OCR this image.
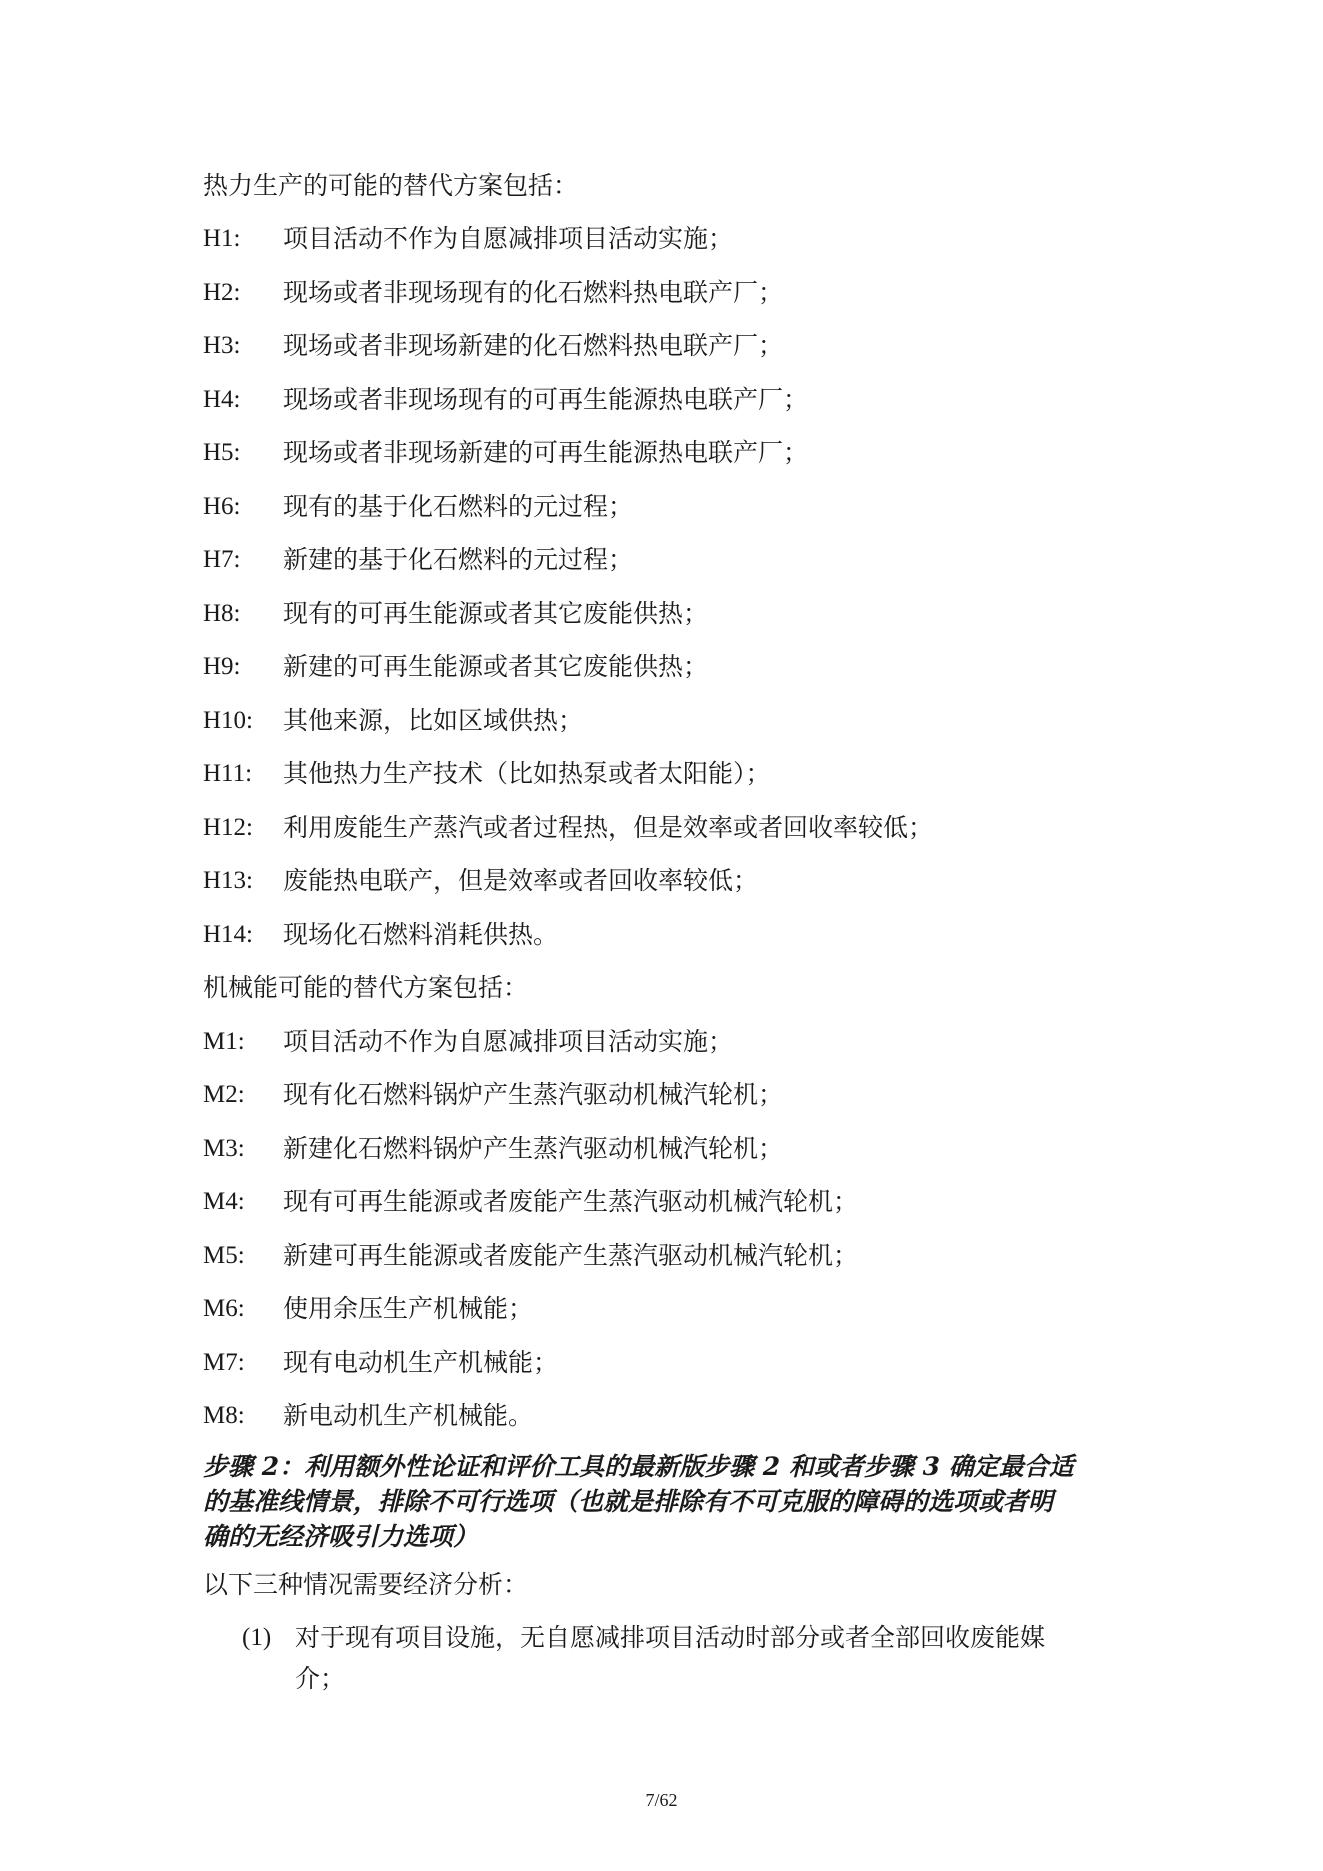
热力生产的可能的替代方案包括：
H1: 项目活动不作为自愿减排项目活动实施；
H2: 现场或者非现场现有的化石燃料热电联产厂；
H3: 现场或者非现场新建的化石燃料热电联产厂；
H4: 现场或者非现场现有的可再生能源热电联产厂；
H5: 现场或者非现场新建的可再生能源热电联产厂；
H6: 现有的基于化石燃料的元过程；
H7: 新建的基于化石燃料的元过程；
H8: 现有的可再生能源或者其它废能供热；
H9: 新建的可再生能源或者其它废能供热；
H10: 其他来源，比如区域供热；
H11: 其他热力生产技术（比如热泵或者太阳能）；
H12: 利用废能生产蒸汽或者过程热，但是效率或者回收率较低；
H13: 废能热电联产，但是效率或者回收率较低；
H14: 现场化石燃料消耗供热。
机械能可能的替代方案包括：
M1: 项目活动不作为自愿减排项目活动实施；
M2: 现有化石燃料锅炉产生蒸汽驱动机械汽轮机；
M3: 新建化石燃料锅炉产生蒸汽驱动机械汽轮机；
M4: 现有可再生能源或者废能产生蒸汽驱动机械汽轮机；
M5: 新建可再生能源或者废能产生蒸汽驱动机械汽轮机；
M6: 使用余压生产机械能；
M7: 现有电动机生产机械能；
M8: 新电动机生产机械能。
步骤 2：利用额外性论证和评价工具的最新版步骤 2 和或者步骤 3 确定最合适
的基准线情景，排除不可行选项（也就是排除有不可克服的障碍的选项或者明
确的无经济吸引力选项）
以下三种情况需要经济分析：
(1) 对于现有项目设施，无自愿减排项目活动时部分或者全部回收废能媒
介；
7/62
